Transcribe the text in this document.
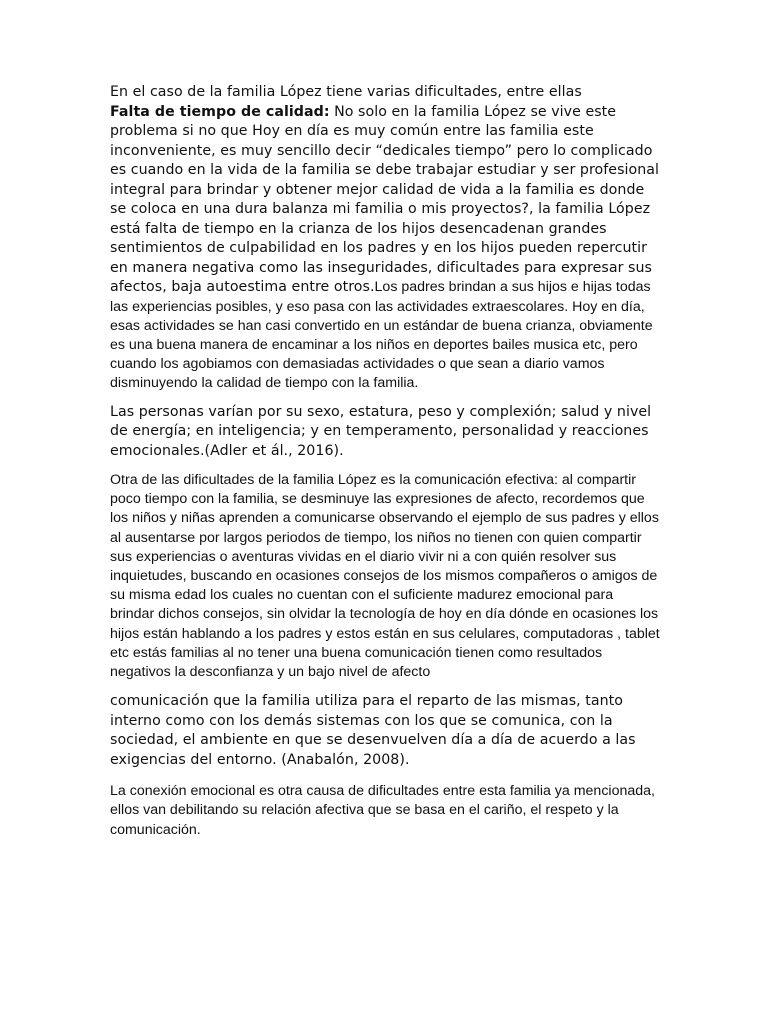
En el caso de la familia López tiene varias dificultades, entre ellas
Falta de tiempo de calidad: No solo en la familia López se vive este problema si no que Hoy en día es muy común entre las familia este inconveniente, es muy sencillo decir “dedicales tiempo” pero lo complicado es cuando en la vida de la familia se debe trabajar estudiar y ser profesional integral para brindar y obtener mejor calidad de vida a la familia es donde se coloca en una dura balanza mi familia o mis proyectos?, la familia López está falta de tiempo en la crianza de los hijos desencadenan grandes sentimientos de culpabilidad en los padres y en los hijos pueden repercutir en manera negativa como las inseguridades, dificultades para expresar sus afectos, baja autoestima entre otros.Los padres brindan a sus hijos e hijas todas las experiencias posibles, y eso pasa con las actividades extraescolares. Hoy en día, esas actividades se han casi convertido en un estándar de buena crianza, obviamente es una buena manera de encaminar a los niños en deportes bailes musica etc, pero cuando los agobiamos con demasiadas actividades o que sean a diario vamos disminuyendo la calidad de tiempo con la familia.

Las personas varían por su sexo, estatura, peso y complexión; salud y nivel de energía; en inteligencia; y en temperamento, personalidad y reacciones emocionales.(Adler et ál., 2016).

Otra de las dificultades de la familia López es la comunicación efectiva: al compartir poco tiempo con la familia, se desminuye las expresiones de afecto, recordemos que los niños y niñas aprenden a comunicarse observando el ejemplo de sus padres y ellos al ausentarse por largos periodos de tiempo, los niños no tienen con quien compartir sus experiencias o aventuras vividas en el diario vivir ni a con quién resolver sus inquietudes, buscando en ocasiones consejos de los mismos compañeros o amigos de su misma edad los cuales no cuentan con el suficiente madurez emocional para brindar dichos consejos, sin olvidar la tecnología de hoy en día dónde en ocasiones los hijos están hablando a los padres y estos están en sus celulares, computadoras , tablet etc estás familias al no tener una buena comunicación tienen como resultados negativos la desconfianza y un bajo nivel de afecto

comunicación que la familia utiliza para el reparto de las mismas, tanto interno como con los demás sistemas con los que se comunica, con la sociedad, el ambiente en que se desenvuelven día a día de acuerdo a las exigencias del entorno. (Anabalón, 2008).

La conexión emocional es otra causa de dificultades entre esta familia ya mencionada, ellos van debilitando su relación afectiva que se basa en el cariño, el respeto y la comunicación.
